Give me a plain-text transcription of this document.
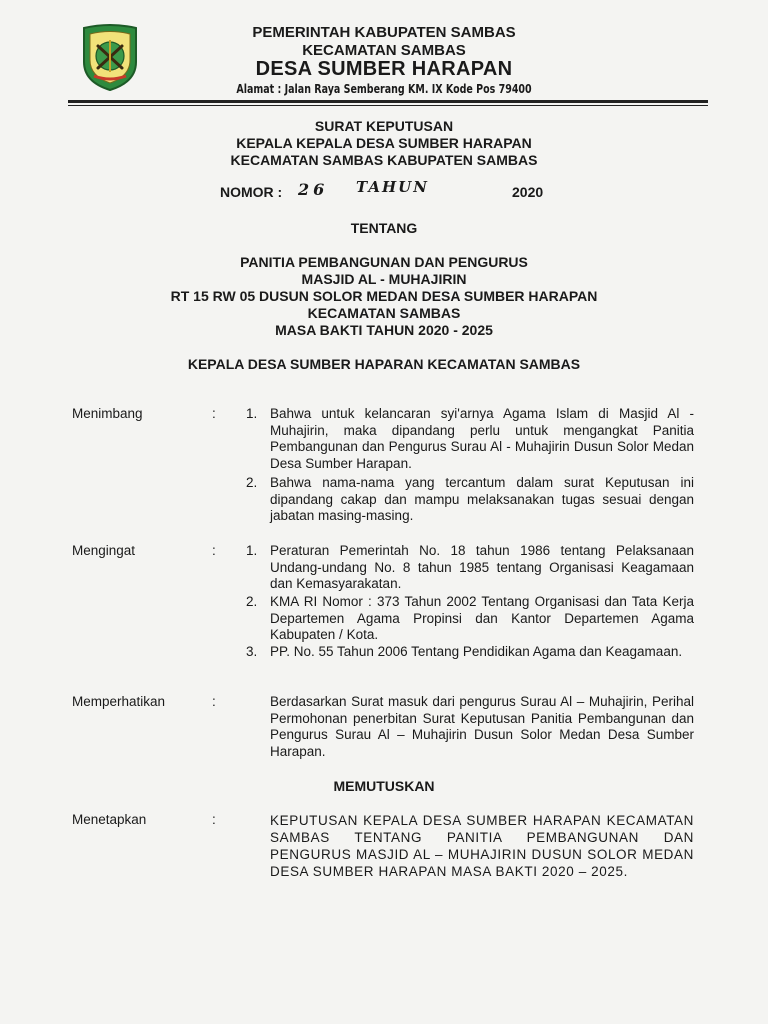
PEMERINTAH KABUPATEN SAMBAS
KECAMATAN SAMBAS
DESA SUMBER HARAPAN
Alamat : Jalan Raya Semberang KM. IX Kode Pos 79400
SURAT KEPUTUSAN
KEPALA KEPALA DESA SUMBER HARAPAN
KECAMATAN SAMBAS KABUPATEN SAMBAS
NOMOR : 26 TAHUN	2020
TENTANG
PANITIA PEMBANGUNAN DAN PENGURUS
MASJID AL - MUHAJIRIN
RT 15 RW 05 DUSUN SOLOR MEDAN DESA SUMBER HARAPAN
KECAMATAN SAMBAS
MASA BAKTI TAHUN 2020 - 2025
KEPALA DESA SUMBER HAPARAN KECAMATAN SAMBAS
Menimbang	: 1. Bahwa untuk kelancaran syi'arnya Agama Islam di Masjid Al - Muhajirin, maka dipandang perlu untuk mengangkat Panitia Pembangunan dan Pengurus Surau Al - Muhajirin Dusun Solor Medan Desa Sumber Harapan.
2. Bahwa nama-nama yang tercantum dalam surat Keputusan ini dipandang cakap dan mampu melaksanakan tugas sesuai dengan jabatan masing-masing.
Mengingat	: 1. Peraturan Pemerintah No. 18 tahun 1986 tentang Pelaksanaan Undang-undang No. 8 tahun 1985 tentang Organisasi Keagamaan dan Kemasyarakatan.
2. KMA RI Nomor : 373 Tahun 2002 Tentang Organisasi dan Tata Kerja Departemen Agama Propinsi dan Kantor Departemen Agama Kabupaten / Kota.
3. PP. No. 55 Tahun 2006 Tentang Pendidikan Agama dan Keagamaan.
Memperhatikan	:	Berdasarkan Surat masuk dari pengurus Surau Al – Muhajirin, Perihal Permohonan penerbitan Surat Keputusan Panitia Pembangunan dan Pengurus Surau Al – Muhajirin Dusun Solor Medan Desa Sumber Harapan.
MEMUTUSKAN
Menetapkan	:	KEPUTUSAN KEPALA DESA SUMBER HARAPAN KECAMATAN SAMBAS TENTANG PANITIA PEMBANGUNAN DAN PENGURUS MASJID AL – MUHAJIRIN DUSUN SOLOR MEDAN DESA SUMBER HARAPAN MASA BAKTI 2020 – 2025.
